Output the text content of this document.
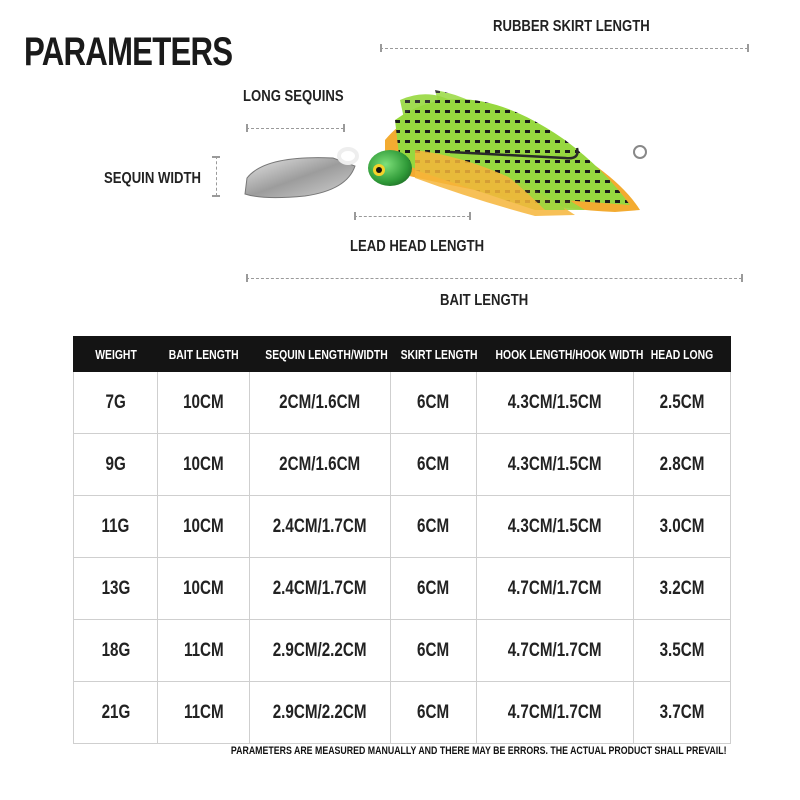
PARAMETERS
RUBBER SKIRT LENGTH
LONG SEQUINS
SEQUIN WIDTH
LEAD HEAD LENGTH
BAIT LENGTH
WEIGHT	BAIT LENGTH	SEQUIN LENGTH/WIDTH	SKIRT LENGTH	HOOK LENGTH/HOOK WIDTH	HEAD LONG
7G	10CM	2CM/1.6CM	6CM	4.3CM/1.5CM	2.5CM
9G	10CM	2CM/1.6CM	6CM	4.3CM/1.5CM	2.8CM
11G	10CM	2.4CM/1.7CM	6CM	4.3CM/1.5CM	3.0CM
13G	10CM	2.4CM/1.7CM	6CM	4.7CM/1.7CM	3.2CM
18G	11CM	2.9CM/2.2CM	6CM	4.7CM/1.7CM	3.5CM
21G	11CM	2.9CM/2.2CM	6CM	4.7CM/1.7CM	3.7CM
PARAMETERS ARE MEASURED MANUALLY AND THERE MAY BE ERRORS. THE ACTUAL PRODUCT SHALL PREVAIL!
